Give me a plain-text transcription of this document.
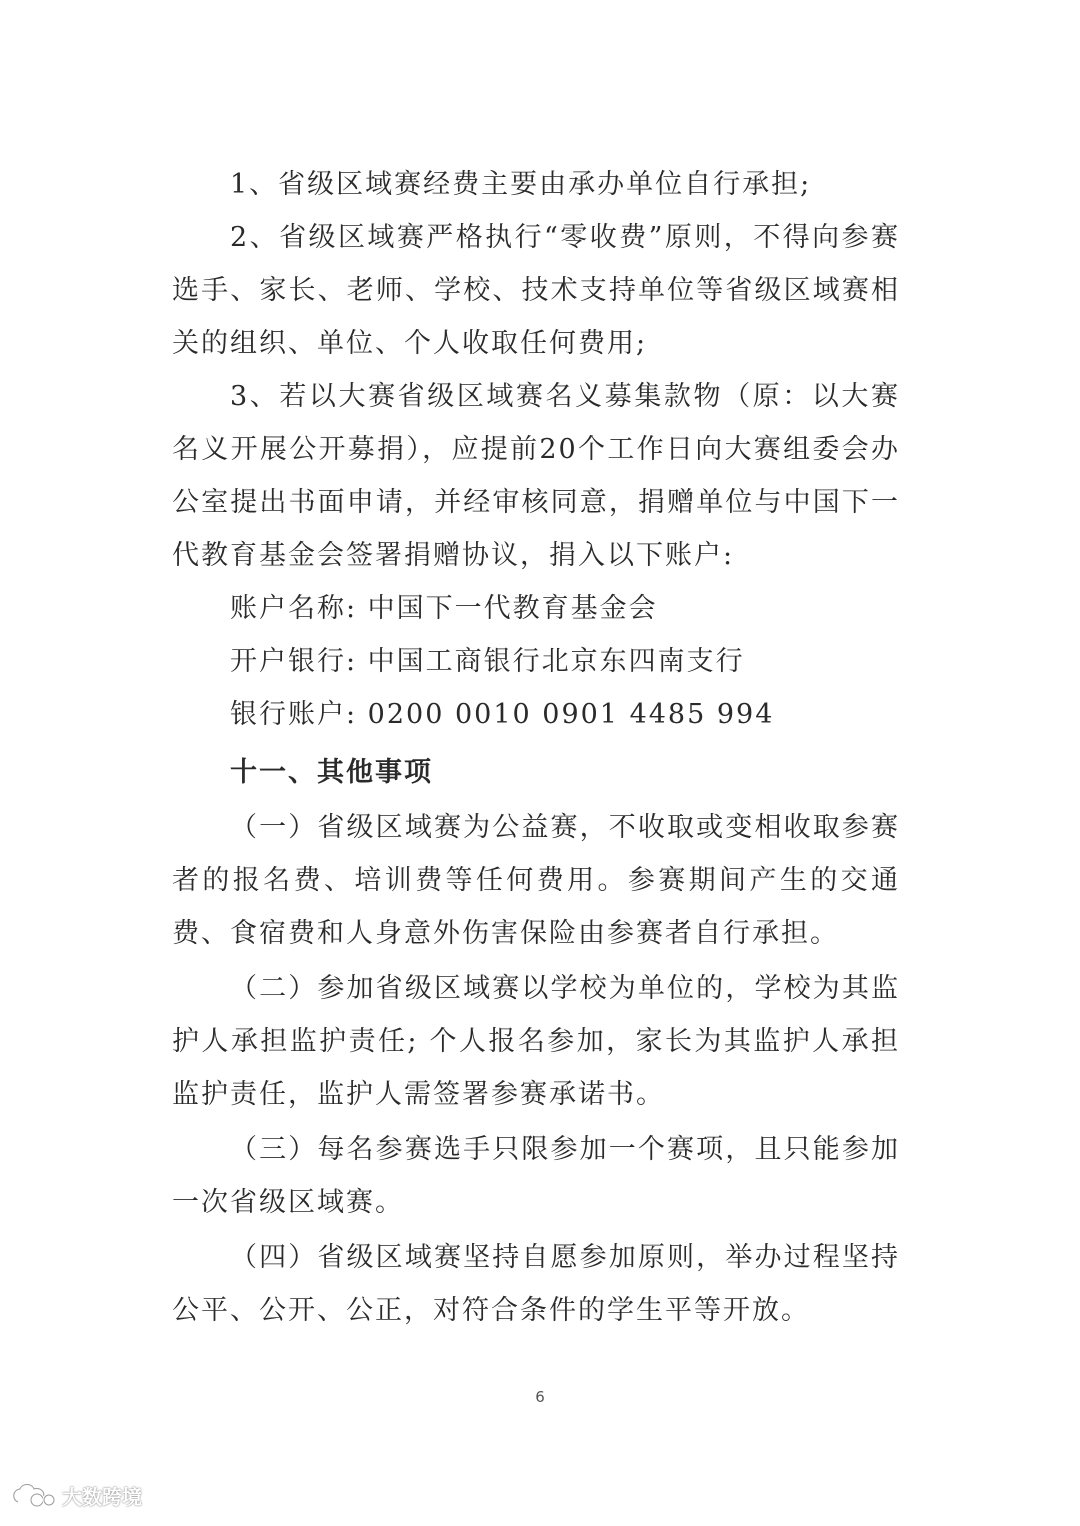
1、省级区域赛经费主要由承办单位自行承担;

2、省级区域赛严格执行“零收费”原则，不得向参赛选手、家长、老师、学校、技术支持单位等省级区域赛相关的组织、单位、个人收取任何费用;

3、若以大赛省级区域赛名义募集款物（原：以大赛名义开展公开募捐），应提前20个工作日向大赛组委会办公室提出书面申请，并经审核同意，捐赠单位与中国下一代教育基金会签署捐赠协议，捐入以下账户:

账户名称: 中国下一代教育基金会

开户银行: 中国工商银行北京东四南支行

银行账户: 0200 0010 0901 4485 994

十一、其他事项

（一）省级区域赛为公益赛，不收取或变相收取参赛者的报名费、培训费等任何费用。参赛期间产生的交通费、食宿费和人身意外伤害保险由参赛者自行承担。

（二）参加省级区域赛以学校为单位的，学校为其监护人承担监护责任; 个人报名参加，家长为其监护人承担监护责任，监护人需签署参赛承诺书。

（三）每名参赛选手只限参加一个赛项，且只能参加一次省级区域赛。

（四）省级区域赛坚持自愿参加原则，举办过程坚持公平、公开、公正，对符合条件的学生平等开放。

6
大数跨境
